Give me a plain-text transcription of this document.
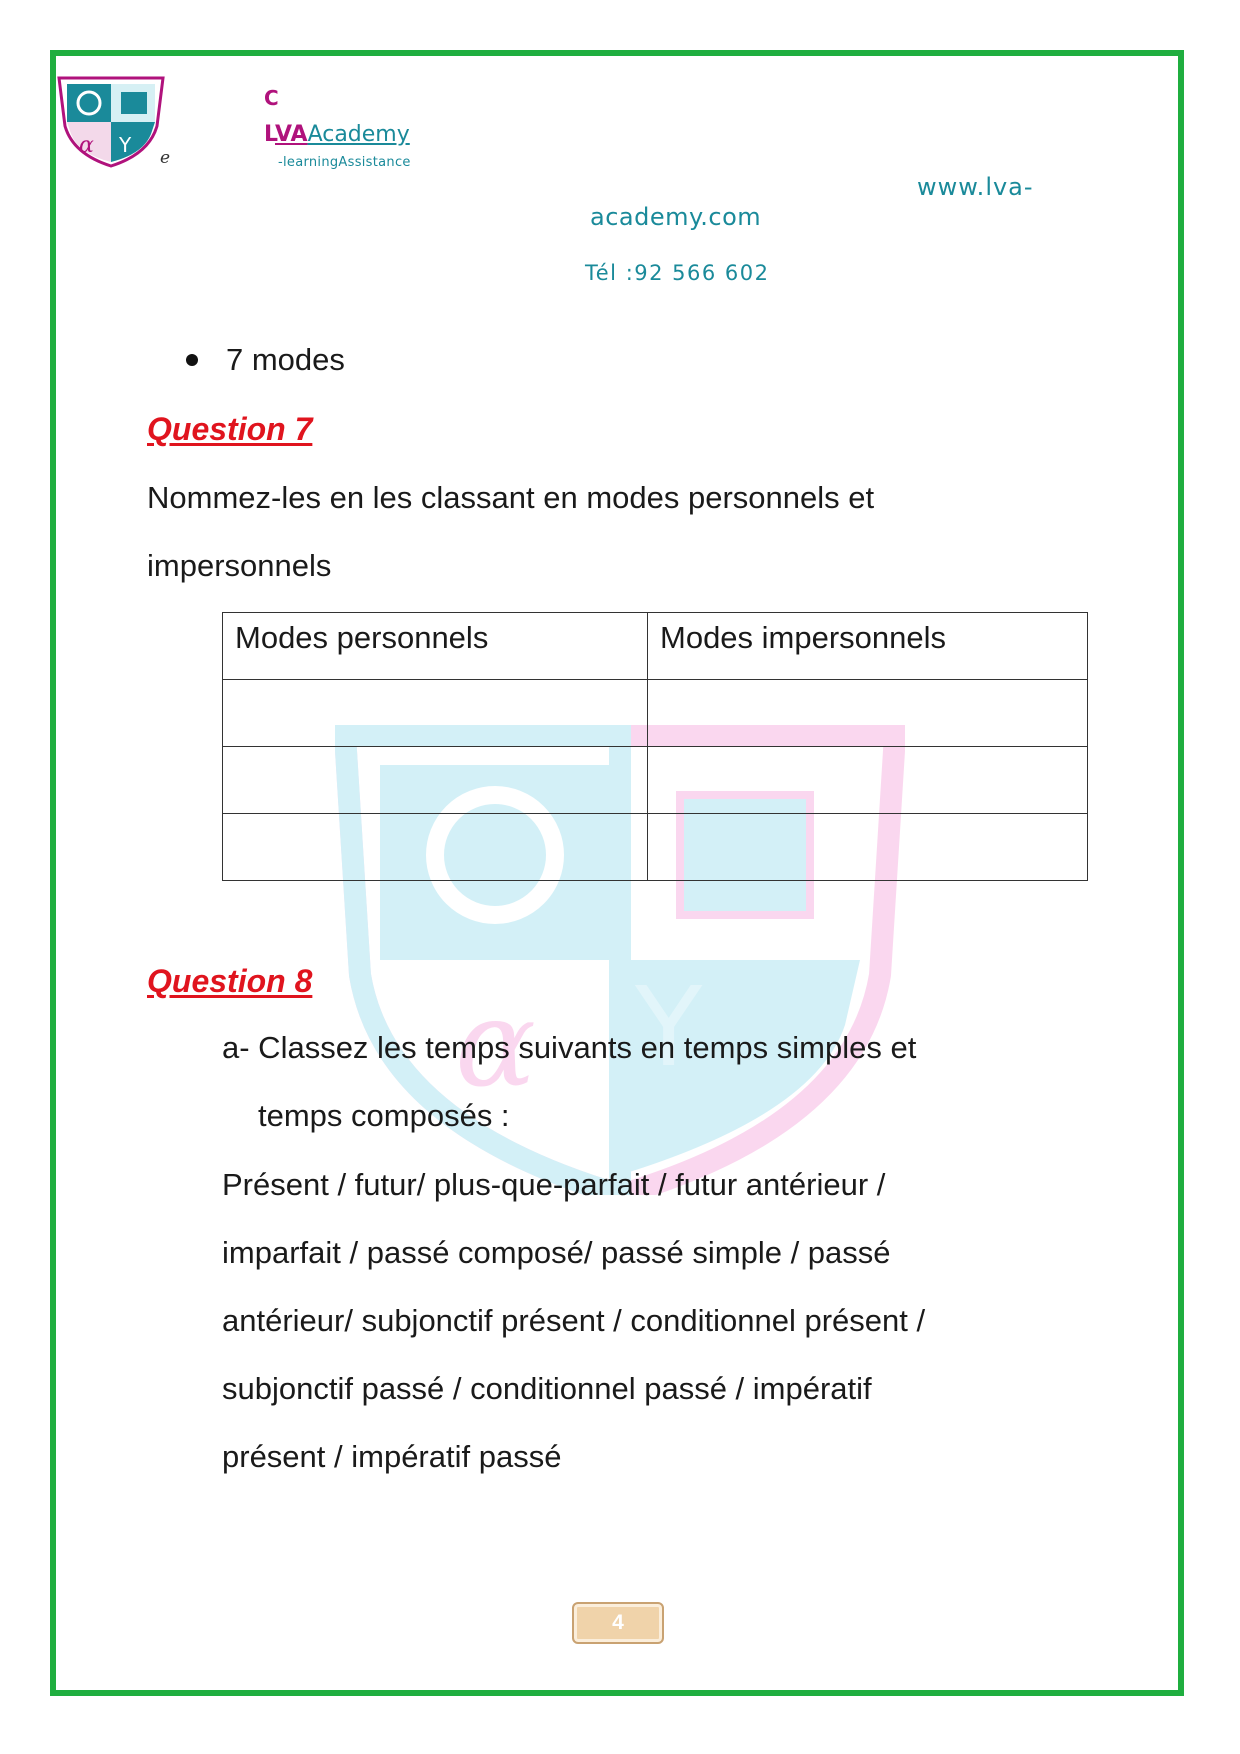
α Y
α Y
e
C
LVAAcademy
-learningAssistance
www.lva-
academy.com
Tél :92 566 602
7 modes
Question 7
Nommez-les en les classant en modes personnels et
impersonnels
Modes personnels	Modes impersonnels

Question 8
a- Classez les temps suivants en temps simples et
temps composés :
Présent / futur/ plus-que-parfait / futur antérieur /
imparfait / passé composé/ passé simple / passé
antérieur/ subjonctif présent / conditionnel présent /
subjonctif passé / conditionnel passé / impératif
présent / impératif passé
4
